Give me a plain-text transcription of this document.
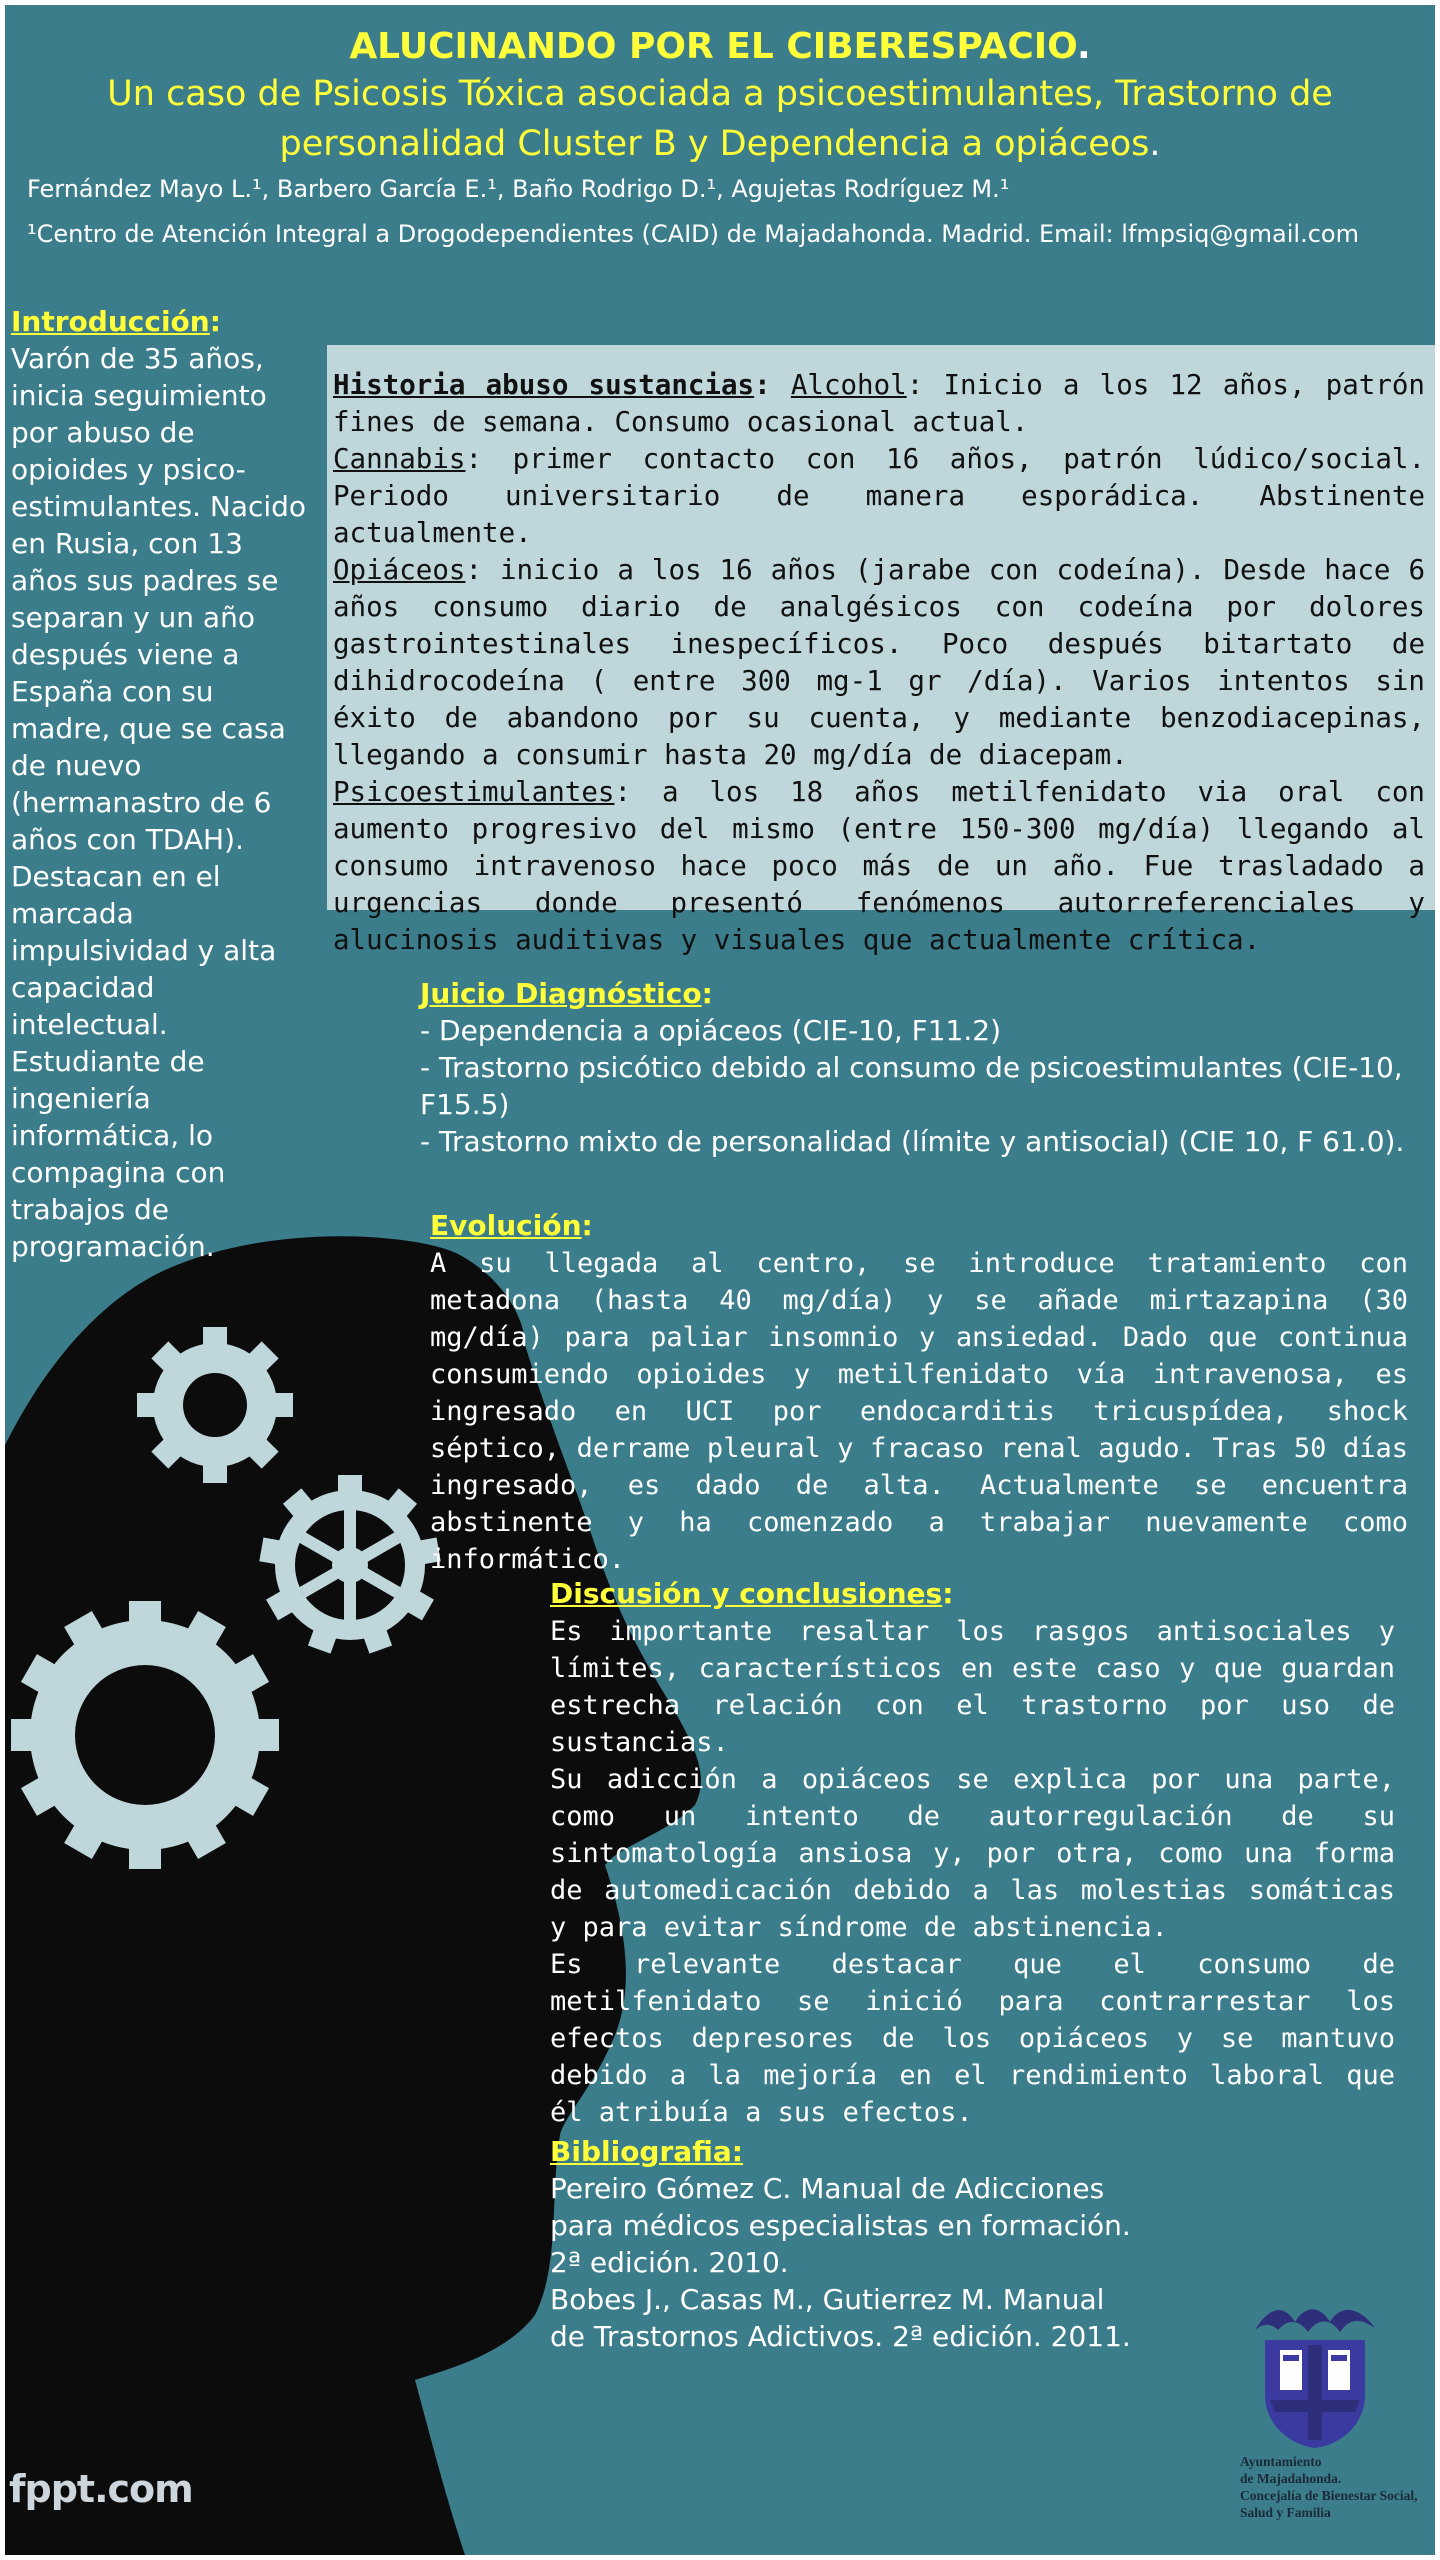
ALUCINANDO POR EL CIBERESPACIO.
Un caso de Psicosis Tóxica asociada a psicoestimulantes, Trastorno de personalidad Cluster B y Dependencia a opiáceos.
Fernández Mayo L.¹, Barbero García E.¹, Baño Rodrigo D.¹, Agujetas Rodríguez M.¹
¹Centro de Atención Integral a Drogodependientes (CAID) de Majadahonda. Madrid. Email: lfmpsiq@gmail.com
Introducción:
Varón de 35 años, inicia seguimiento por abuso de opioides y psico-estimulantes. Nacido en Rusia, con 13 años sus padres se separan y un año después viene a España con su madre, que se casa de nuevo (hermanastro de 6 años con TDAH). Destacan en el marcada impulsividad y alta capacidad intelectual. Estudiante de ingeniería informática, lo compagina con trabajos de programación.

Historia abuso sustancias: Alcohol: Inicio a los 12 años, patrón fines de semana. Consumo ocasional actual.

Cannabis: primer contacto con 16 años, patrón lúdico/social. Periodo universitario de manera esporádica. Abstinente actualmente.

Opiáceos: inicio a los 16 años (jarabe con codeína). Desde hace 6 años consumo diario de analgésicos con codeína por dolores gastrointestinales inespecíficos. Poco después bitartato de dihidrocodeína ( entre 300 mg-1 gr /día). Varios intentos sin éxito de abandono por su cuenta, y mediante benzodiacepinas, llegando a consumir hasta 20 mg/día de diacepam.

Psicoestimulantes: a los 18 años metilfenidato via oral con aumento progresivo del mismo (entre 150-300 mg/día) llegando al consumo intravenoso hace poco más de un año. Fue trasladado a urgencias donde presentó fenómenos autorreferenciales y alucinosis auditivas y visuales que actualmente crítica.

Juicio Diagnóstico:

- Dependencia a opiáceos (CIE-10, F11.2)

- Trastorno psicótico debido al consumo de psicoestimulantes (CIE-10, F15.5)

- Trastorno mixto de personalidad (límite y antisocial) (CIE 10, F 61.0).

Evolución:
A su llegada al centro, se introduce tratamiento con metadona (hasta 40 mg/día) y se añade mirtazapina (30 mg/día) para paliar insomnio y ansiedad. Dado que continua consumiendo opioides y metilfenidato vía intravenosa, es ingresado en UCI por endocarditis tricuspídea, shock séptico, derrame pleural y fracaso renal agudo. Tras 50 días ingresado, es dado de alta. Actualmente se encuentra abstinente y ha comenzado a trabajar nuevamente como informático.
Discusión y conclusiones:

Es importante resaltar los rasgos antisociales y límites, característicos en este caso y que guardan estrecha relación con el trastorno por uso de sustancias.

Su adicción a opiáceos se explica por una parte, como un intento de autorregulación de su sintomatología ansiosa y, por otra, como una forma de automedicación debido a las molestias somáticas y para evitar síndrome de abstinencia.

Es relevante destacar que el consumo de metilfenidato se inició para contrarrestar los efectos depresores de los opiáceos y se mantuvo debido a la mejoría en el rendimiento laboral que él atribuía a sus efectos.

Bibliografia:

Pereiro Gómez C. Manual de Adicciones

para médicos especialistas en formación.

2ª edición. 2010.

Bobes J., Casas M., Gutierrez M. Manual

de Trastornos Adictivos. 2ª edición. 2011.

Ayuntamiento
de Majadahonda.
Concejalía de Bienestar Social,
Salud y Familia
fppt.com
